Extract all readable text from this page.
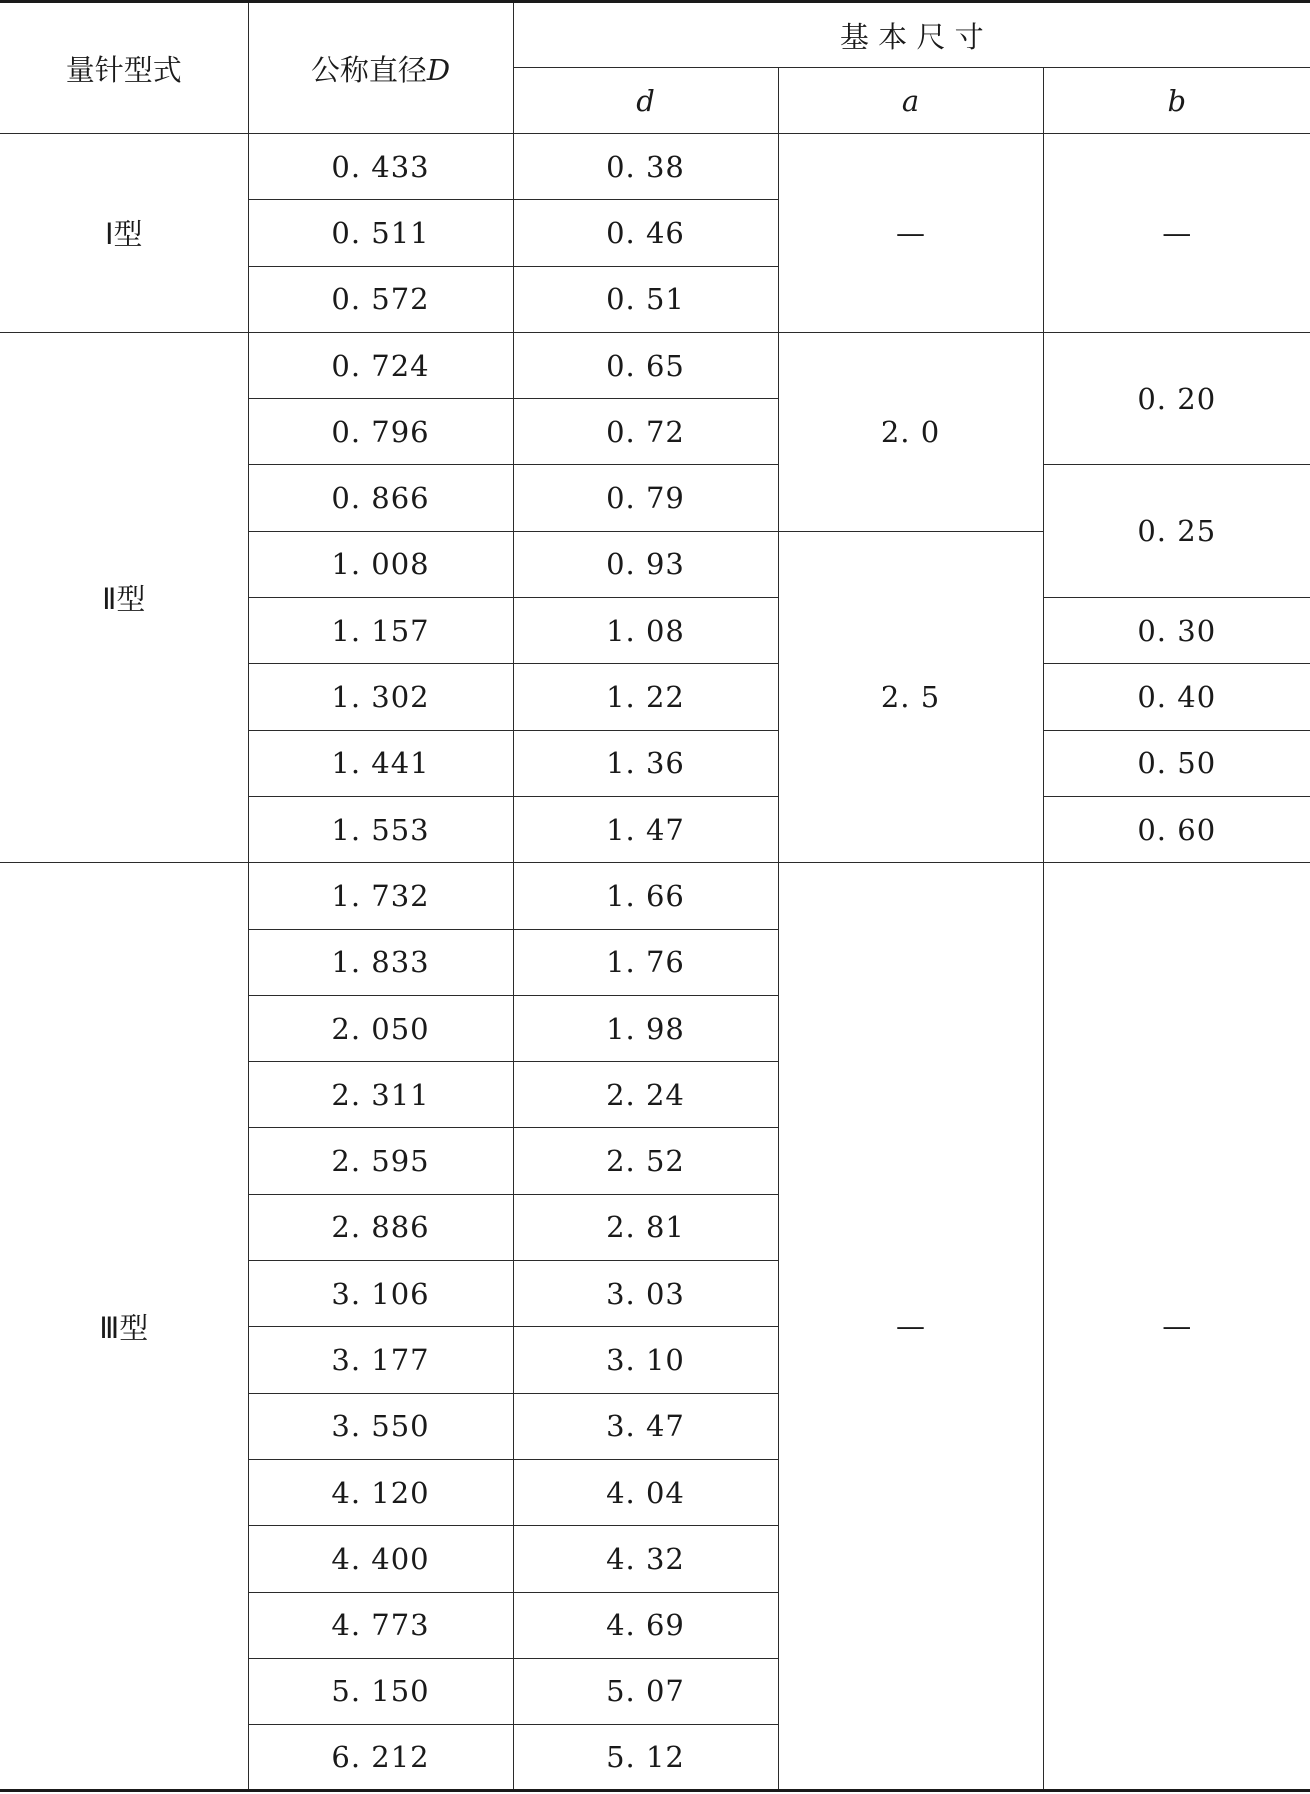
量针型式	公称直径D	基 本 尺 寸		
		d	a	b
Ⅰ型	0. 433	0. 38	—	—
	0. 511	0. 46		
	0. 572	0. 51		
Ⅱ型	0. 724	0. 65	2. 0	0. 20
	0. 796	0. 72		
	0. 866	0. 79		0. 25
	1. 008	0. 93	2. 5	
	1. 157	1. 08		0. 30
	1. 302	1. 22		0. 40
	1. 441	1. 36		0. 50
	1. 553	1. 47		0. 60
Ⅲ型	1. 732	1. 66	—	—
	1. 833	1. 76		
	2. 050	1. 98		
	2. 311	2. 24		
	2. 595	2. 52		
	2. 886	2. 81		
	3. 106	3. 03		
	3. 177	3. 10		
	3. 550	3. 47		
	4. 120	4. 04		
	4. 400	4. 32		
	4. 773	4. 69		
	5. 150	5. 07		
	6. 212	5. 12		
